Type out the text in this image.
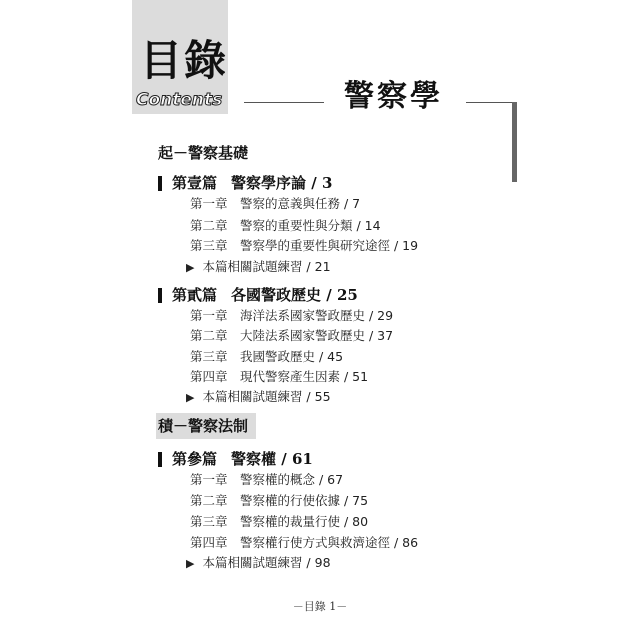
目錄
Contents	警察學
起－警察基礎
第壹篇 警察學序論 / 3
第一章 警察的意義與任務 / 7
第二章 警察的重要性與分類 / 14
第三章 警察學的重要性與研究途徑 / 19
▶ 本篇相關試題練習 / 21
第貳篇 各國警政歷史 / 25
第一章 海洋法系國家警政歷史 / 29
第二章 大陸法系國家警政歷史 / 37
第三章 我國警政歷史 / 45
第四章 現代警察產生因素 / 51
▶ 本篇相關試題練習 / 55
積－警察法制
第參篇 警察權 / 61
第一章 警察權的概念 / 67
第二章 警察權的行使依據 / 75
第三章 警察權的裁量行使 / 80
第四章 警察權行使方式與救濟途徑 / 86
▶ 本篇相關試題練習 / 98
－目錄 1－
